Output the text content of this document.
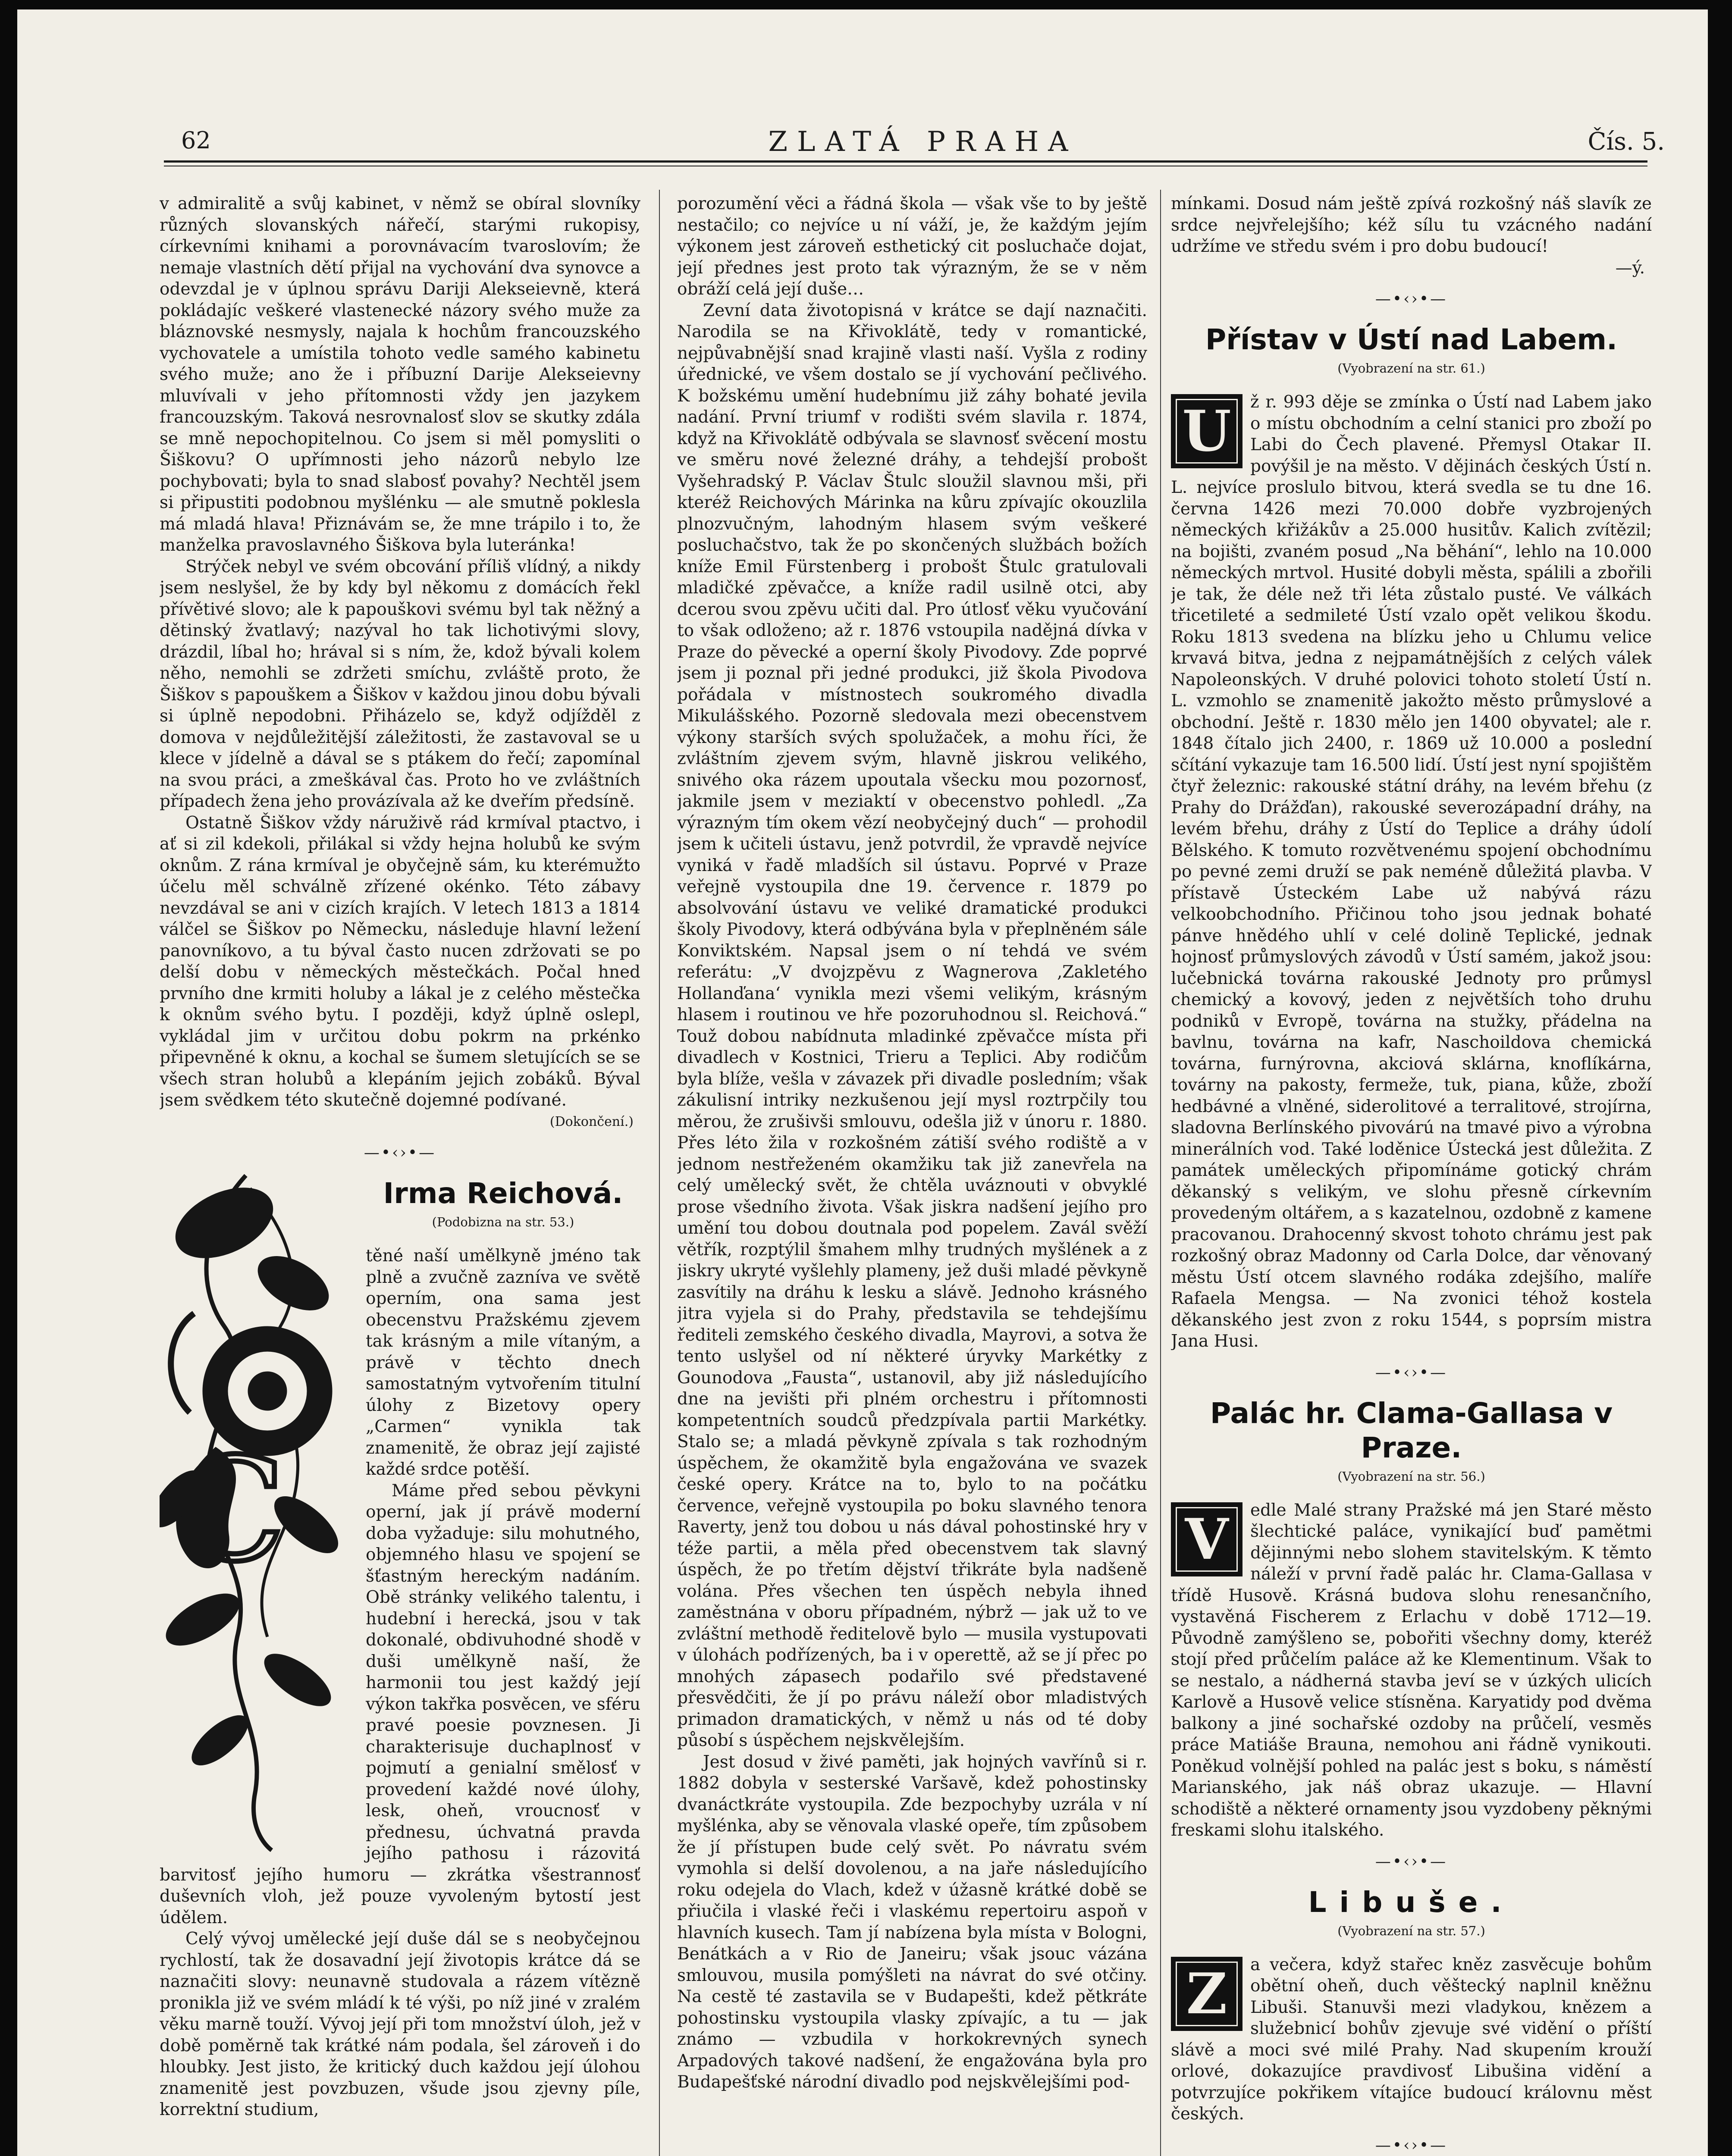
62	ZLATÁ PRAHA	Čís. 5.

v admiralitě a svůj kabinet, v němž se obíral slovníky různých slovanských nářečí, starými rukopisy, církevními knihami a porovnávacím tvaroslovím; že nemaje vlastních dětí přijal na vychování dva synovce a odevzdal je v úplnou správu Dariji Alekseievně, která pokládajíc veškeré vlastenecké názory svého muže za bláznovské nesmysly, najala k hochům francouzského vychovatele a umístila tohoto vedle samého kabinetu svého muže; ano že i příbuzní Darije Alekseievny mluvívali v jeho přítomnosti vždy jen jazykem francouzským. Taková nesrovnalosť slov se skutky zdála se mně nepochopitelnou. Co jsem si měl pomysliti o Šiškovu? O upřímnosti jeho názorů nebylo lze pochybovati; byla to snad slabosť povahy? Nechtěl jsem si připustiti podobnou myšlénku — ale smutně poklesla má mladá hlava! Přiznávám se, že mne trápilo i to, že manželka pravoslavného Šiškova byla luteránka!

Strýček nebyl ve svém obcování příliš vlídný, a nikdy jsem neslyšel, že by kdy byl někomu z domácích řekl přívětivé slovo; ale k papouškovi svému byl tak něžný a dětinský žvatlavý; nazýval ho tak lichotivými slovy, drázdil, líbal ho; hrával si s ním, že, kdož bývali kolem něho, nemohli se zdržeti smíchu, zvláště proto, že Šiškov s papouškem a Šiškov v každou jinou dobu bývali si úplně nepodobni. Přiházelo se, když odjížděl z domova v nejdůležitější záležitosti, že zastavoval se u klece v jídelně a dával se s ptákem do řečí; zapomínal na svou práci, a zmeškával čas. Proto ho ve zvláštních případech žena jeho provázívala až ke dveřím předsíně.

Ostatně Šiškov vždy náruživě rád krmíval ptactvo, i ať si zil kdekoli, přilákal si vždy hejna holubů ke svým oknům. Z rána krmíval je obyčejně sám, ku kterémužto účelu měl schválně zřízené okénko. Této zábavy nevzdával se ani v cizích krajích. V letech 1813 a 1814 válčel se Šiškov po Německu, následuje hlavní ležení panovníkovo, a tu býval často nucen zdržovati se po delší dobu v německých městečkách. Počal hned prvního dne krmiti holuby a lákal je z celého městečka k oknům svého bytu. I později, když úplně oslepl, vykládal jim v určitou dobu pokrm na prkénko připevněné k oknu, a kochal se šumem sletujících se se všech stran holubů a klepáním jejich zobáků. Býval jsem svědkem této skutečně dojemné podívané.

(Dokončení.)
—•‹›•—
C
Irma Reichová.
(Podobizna na str. 53.)

těné naší umělkyně jméno tak plně a zvučně zazníva ve světě operním, ona sama jest obecenstvu Pražskému zjevem tak krásným a mile vítaným, a právě v těchto dnech samostatným vytvořením titulní úlohy z Bizetovy opery „Carmen“ vynikla tak znamenitě, že obraz její zajisté každé srdce potěší.

Máme před sebou pěvkyni operní, jak jí právě moderní doba vyžaduje: silu mohutného, objemného hlasu ve spojení se šťastným hereckým nadáním. Obě stránky velikého talentu, i hudební i herecká, jsou v tak dokonalé, obdivuhodné shodě v duši umělkyně naší, že harmonii tou jest každý její výkon takřka posvěcen, ve sféru pravé poesie povznesen. Ji charakterisuje duchaplnosť v pojmutí a genialní smělosť v provedení každé nové úlohy, lesk, oheň, vroucnosť v přednesu, úchvatná pravda jejího pathosu i rázovitá barvitosť jejího humoru — zkrátka všestrannosť duševních vloh, jež pouze vyvoleným bytostí jest údělem.

Celý vývoj umělecké její duše dál se s neobyčejnou rychlostí, tak že dosavadní její životopis krátce dá se naznačiti slovy: neunavně studovala a rázem vítězně pronikla již ve svém mládí k té výši, po níž jiné v zralém věku marně touží. Vývoj její při tom množství úloh, jež v době poměrně tak krátké nám podala, šel zároveň i do hloubky. Jest jisto, že kritický duch každou její úlohou znamenitě jest povzbuzen, všude jsou zjevny píle, korrektní studium,

porozumění věci a řádná škola — však vše to by ještě nestačilo; co nejvíce u ní váží, je, že každým jejím výkonem jest zároveň esthetický cit posluchače dojat, její přednes jest proto tak výrazným, že se v něm obráží celá její duše…

Zevní data životopisná v krátce se dají naznačiti. Narodila se na Křivoklátě, tedy v romantické, nejpůvabnější snad krajině vlasti naší. Vyšla z rodiny úřednické, ve všem dostalo se jí vychování pečlivého. K božskému umění hudebnímu již záhy bohaté jevila nadání. První triumf v rodišti svém slavila r. 1874, když na Křivoklátě odbývala se slavnosť svěcení mostu ve směru nové železné dráhy, a tehdejší probošt Vyšehradský P. Václav Štulc sloužil slavnou mši, při kteréž Reichových Márinka na kůru zpívajíc okouzlila plnozvučným, lahodným hlasem svým veškeré posluchačstvo, tak že po skončených službách božích kníže Emil Fürstenberg i probošt Štulc gratulovali mladičké zpěvačce, a kníže radil usilně otci, aby dcerou svou zpěvu učiti dal. Pro útlosť věku vyučování to však odloženo; až r. 1876 vstoupila nadějná dívka v Praze do pěvecké a operní školy Pivodovy. Zde poprvé jsem ji poznal při jedné produkci, již škola Pivodova pořádala v místnostech soukromého divadla Mikulášského. Pozorně sledovala mezi obecenstvem výkony starších svých spolužaček, a mohu říci, že zvláštním zjevem svým, hlavně jiskrou velikého, snivého oka rázem upoutala všecku mou pozornosť, jakmile jsem v meziaktí v obecenstvo pohledl. „Za výrazným tím okem vězí neobyčejný duch“ — prohodil jsem k učiteli ústavu, jenž potvrdil, že vpravdě nejvíce vyniká v řadě mladších sil ústavu. Poprvé v Praze veřejně vystoupila dne 19. července r. 1879 po absolvování ústavu ve veliké dramatické produkci školy Pivodovy, která odbývána byla v přeplněném sále Konviktském. Napsal jsem o ní tehdá ve svém referátu: „V dvojzpěvu z Wagnerova ‚Zakletého Hollanďana‘ vynikla mezi všemi velikým, krásným hlasem i routinou ve hře pozoruhodnou sl. Reichová.“ Touž dobou nabídnuta mladinké zpěvačce místa při divadlech v Kostnici, Trieru a Teplici. Aby rodičům byla blíže, vešla v závazek při divadle posledním; však zákulisní intriky nezkušenou její mysl roztrpčily tou měrou, že zrušivši smlouvu, odešla již v únoru r. 1880. Přes léto žila v rozkošném zátiší svého rodiště a v jednom nestřeženém okamžiku tak již zanevřela na celý umělecký svět, že chtěla uváznouti v obvyklé prose všedního života. Však jiskra nadšení jejího pro umění tou dobou doutnala pod popelem. Zavál svěží větřík, rozptýlil šmahem mlhy trudných myšlének a z jiskry ukryté vyšlehly plameny, jež duši mladé pěvkyně zasvítily na dráhu k lesku a slávě. Jednoho krásného jitra vyjela si do Prahy, představila se tehdejšímu řediteli zemského českého divadla, Mayrovi, a sotva že tento uslyšel od ní některé úryvky Markétky z Gounodova „Fausta“, ustanovil, aby již následujícího dne na jevišti při plném orchestru i přítomnosti kompetentních soudců předzpívala partii Markétky. Stalo se; a mladá pěvkyně zpívala s tak rozhodným úspěchem, že okamžitě byla engažována ve svazek české opery. Krátce na to, bylo to na počátku července, veřejně vystoupila po boku slavného tenora Raverty, jenž tou dobou u nás dával pohostinské hry v téže partii, a měla před obecenstvem tak slavný úspěch, že po třetím dějství třikráte byla nadšeně volána. Přes všechen ten úspěch nebyla ihned zaměstnána v oboru případném, nýbrž — jak už to ve zvláštní methodě ředitelově bylo — musila vystupovati v úlohách podřízených, ba i v operettě, až se jí přec po mnohých zápasech podařilo své představené přesvědčiti, že jí po právu náleží obor mladistvých primadon dramatických, v němž u nás od té doby působí s úspěchem nejskvělejším.

Jest dosud v živé paměti, jak hojných vavřínů si r. 1882 dobyla v sesterské Varšavě, kdež pohostinsky dvanáctkráte vystoupila. Zde bezpochyby uzrála v ní myšlénka, aby se věnovala vlaské opeře, tím způsobem že jí přístupen bude celý svět. Po návratu svém vymohla si delší dovolenou, a na jaře následujícího roku odejela do Vlach, kdež v úžasně krátké době se přiučila i vlaské řeči i vlaskému repertoiru aspoň v hlavních kusech. Tam jí nabízena byla místa v Bologni, Benátkách a v Rio de Janeiru; však jsouc vázána smlouvou, musila pomýšleti na návrat do své otčiny. Na cestě té zastavila se v Budapešti, kdež pětkráte pohostinsku vystoupila vlasky zpívajíc, a tu — jak známo — vzbudila v horkokrevných synech Arpadových takové nadšení, že engažována byla pro Budapešťské národní divadlo pod nejskvělejšími pod-

mínkami. Dosud nám ještě zpívá rozkošný náš slavík ze srdce nejvřelejšího; kéž sílu tu vzácného nadání udržíme ve středu svém i pro dobu budoucí!

—ý.
—•‹›•—
Přístav v Ústí nad Labem.
(Vyobrazení na str. 61.)
U	ž r. 993 děje se zmínka o Ústí nad Labem jako o místu obchodním a celní stanici pro zboží po Labi do Čech plavené. Přemysl Otakar II. povýšil je na město. V dějinách českých Ústí n. L. nejvíce proslulo bitvou, která svedla se tu dne 16. června 1426 mezi 70.000 dobře vyzbrojených německých křižákův a 25.000 husitův. Kalich zvítězil; na bojišti, zvaném posud „Na běhání“, lehlo na 10.000 německých mrtvol. Husité dobyli města, spálili a zbořili je tak, že déle než tři léta zůstalo pusté. Ve válkách třicetileté a sedmileté Ústí vzalo opět velikou škodu. Roku 1813 svedena na blízku jeho u Chlumu velice krvavá bitva, jedna z nejpamátnějších z celých válek Napoleonských. V druhé polovici tohoto století Ústí n. L. vzmohlo se znamenitě jakožto město průmyslové a obchodní. Ještě r. 1830 mělo jen 1400 obyvatel; ale r. 1848 čítalo jich 2400, r. 1869 už 10.000 a poslední sčítání vykazuje tam 16.500 lidí. Ústí jest nyní spojištěm čtyř železnic: rakouské státní dráhy, na levém břehu (z Prahy do Drážďan), rakouské severozápadní dráhy, na levém břehu, dráhy z Ústí do Teplice a dráhy údolí Bělského. K tomuto rozvětvenému spojení obchodnímu po pevné zemi druží se pak neméně důležitá plavba. V přístavě Ústeckém Labe už nabývá rázu velkoobchodního. Přičinou toho jsou jednak bohaté pánve hnědého uhlí v celé dolině Teplické, jednak hojnosť průmyslových závodů v Ústí samém, jakož jsou: lučebnická továrna rakouské Jednoty pro průmysl chemický a kovový, jeden z největších toho druhu podniků v Evropě, továrna na stužky, přádelna na bavlnu, továrna na kafr, Naschoildova chemická továrna, furnýrovna, akciová sklárna, knoflíkárna, továrny na pakosty, fermeže, tuk, piana, kůže, zboží hedbávné a vlněné, siderolitové a terralitové, strojírna, sladovna Berlínského pivovárú na tmavé pivo a výrobna minerálních vod. Také loděnice Ústecká jest důležita. Z památek uměleckých připomínáme gotický chrám děkanský s velikým, ve slohu přesně církevním provedeným oltářem, a s kazatelnou, ozdobně z kamene pracovanou. Drahocenný skvost tohoto chrámu jest pak rozkošný obraz Madonny od Carla Dolce, dar věnovaný městu Ústí otcem slavného rodáka zdejšího, malíře Rafaela Mengsa. — Na zvonici téhož kostela děkanského jest zvon z roku 1544, s poprsím mistra Jana Husi.

—•‹›•—
Palác hr. Clama-Gallasa v Praze.
(Vyobrazení na str. 56.)
V	edle Malé strany Pražské má jen Staré město šlechtické paláce, vynikající buď pamětmi dějinnými nebo slohem stavitelským. K těmto náleží v první řadě palác hr. Clama-Gallasa v třídě Husově. Krásná budova slohu renesančního, vystavěná Fischerem z Erlachu v době 1712—19. Původně zamýšleno se, pobořiti všechny domy, kteréž stojí před průčelím paláce až ke Klementinum. Však to se nestalo, a nádherná stavba jeví se v úzkých ulicích Karlově a Husově velice stísněna. Karyatidy pod dvěma balkony a jiné sochařské ozdoby na průčelí, vesměs práce Matiáše Brauna, nemohou ani řádně vynikouti. Poněkud volnější pohled na palác jest s boku, s náměstí Marianského, jak náš obraz ukazuje. — Hlavní schodiště a některé ornamenty jsou vyzdobeny pěknými freskami slohu italského.

—•‹›•—
Libuše.
(Vyobrazení na str. 57.)
Z	a večera, když stařec kněz zasvěcuje bohům obětní oheň, duch věštecký naplnil kněžnu Libuši. Stanuvši mezi vladykou, knězem a služebnicí bohův zjevuje své vidění o příští slávě a moci své milé Prahy. Nad skupením krouží orlové, dokazujíce pravdivosť Libušina vidění a potvrzujíce pokřikem vítajíce budoucí královnu měst českých.

—•‹›•—
